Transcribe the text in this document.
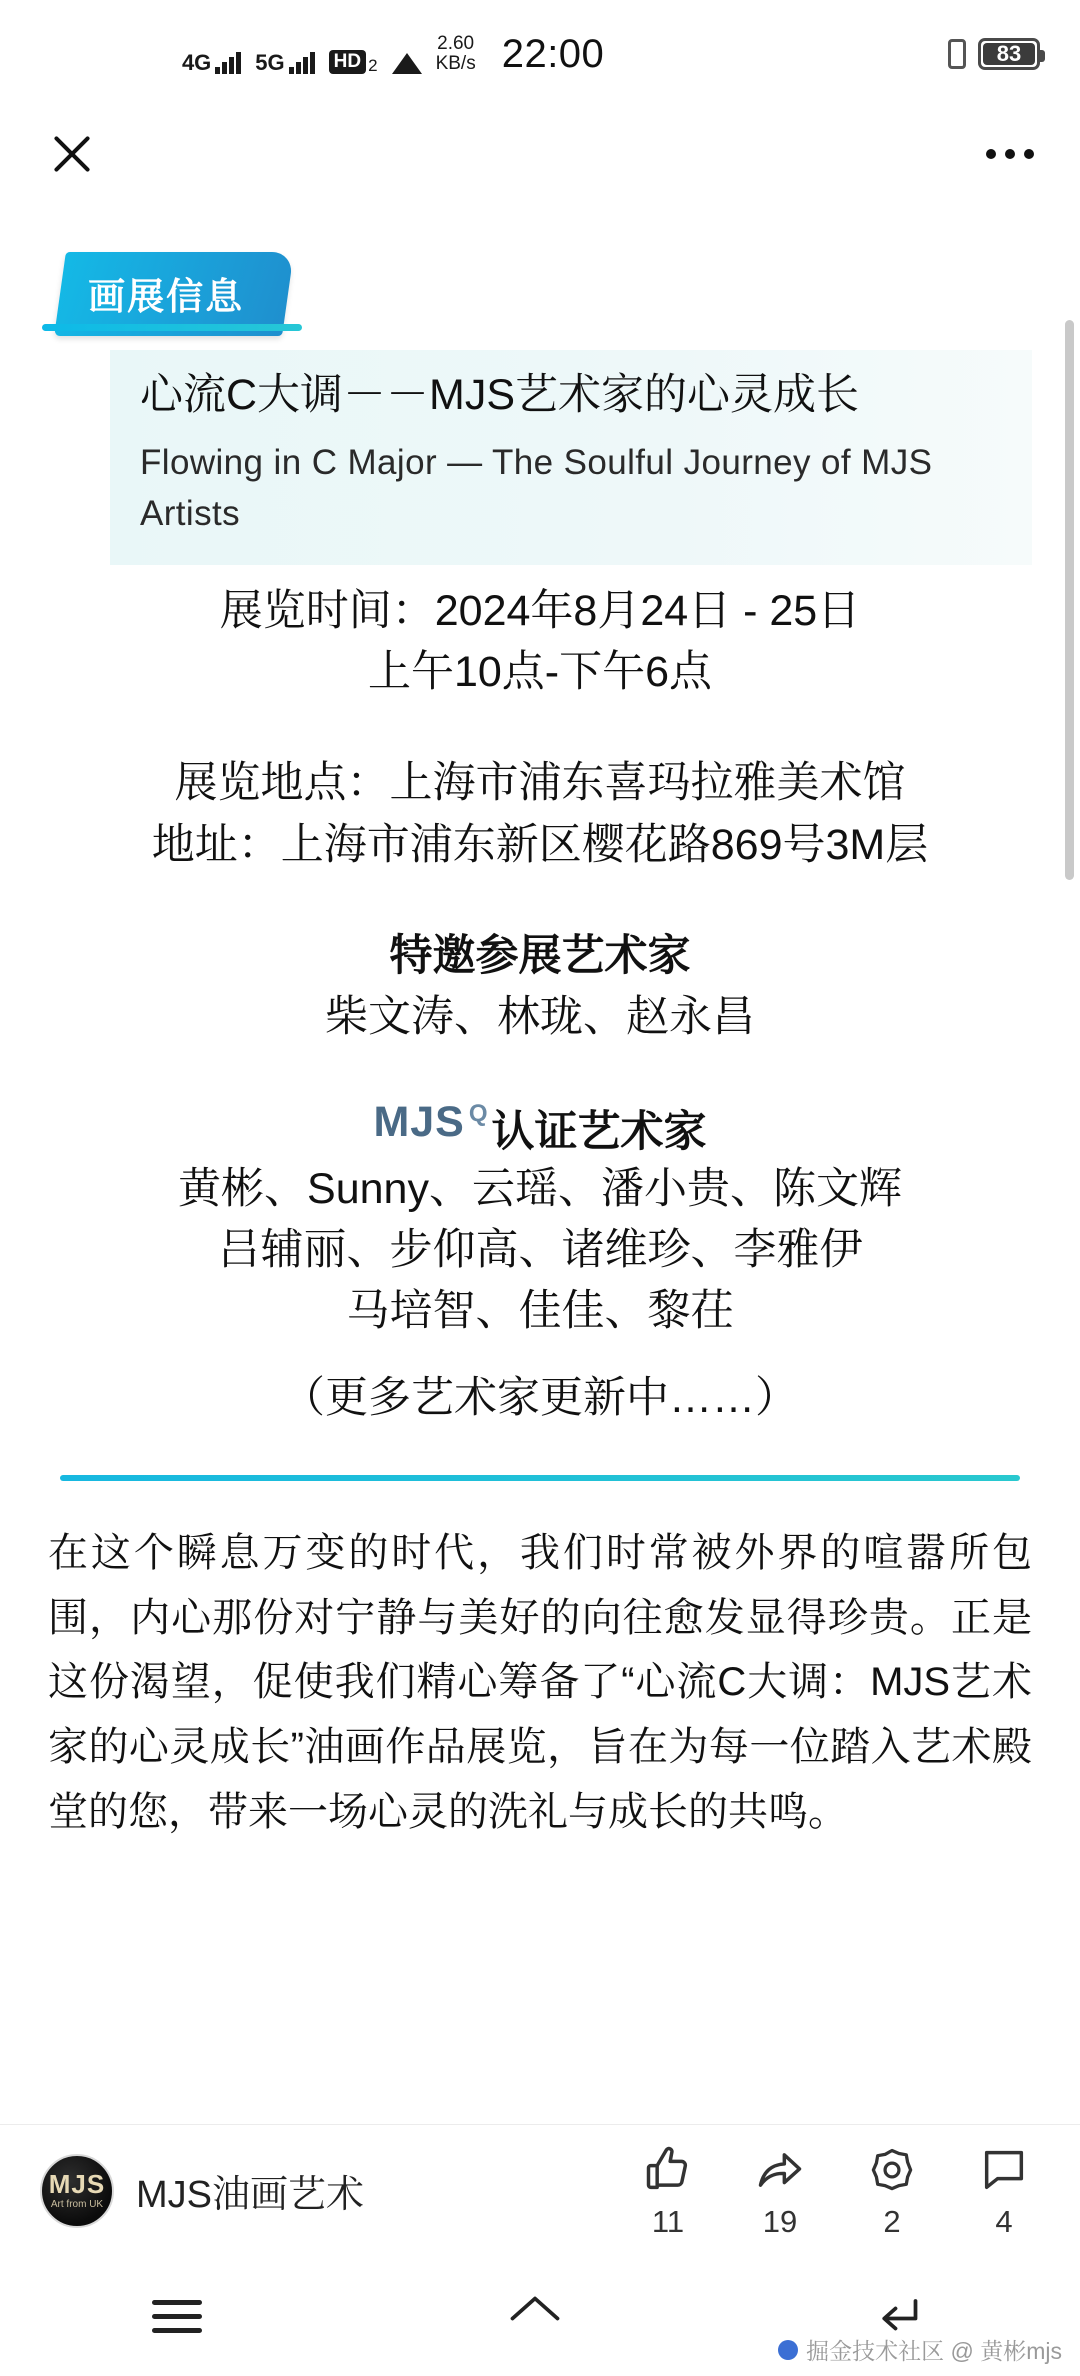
4G 5G	HD 2
2.60
KB/s 22:00	83
画展信息
心流C大调－－MJS艺术家的心灵成长
Flowing in C Major — The Soulful Journey of MJS Artists

展览时间：2024年8月24日 - 25日

上午10点-下午6点

展览地点：上海市浦东喜玛拉雅美术馆

地址：上海市浦东新区樱花路869号3M层

特邀参展艺术家

柴文涛、林珑、赵永昌

MJS Q 认证艺术家

黄彬、Sunny、云瑶、潘小贵、陈文辉

吕辅丽、步仰高、诸维珍、李雅伊

马培智、佳佳、黎茌

（更多艺术家更新中……）

在这个瞬息万变的时代，我们时常被外界的喧嚣所包围，内心那份对宁静与美好的向往愈发显得珍贵。正是这份渴望，促使我们精心筹备了“心流C大调：MJS艺术家的心灵成长”油画作品展览，旨在为每一位踏入艺术殿堂的您，带来一场心灵的洗礼与成长的共鸣。
MJS
Art from UK MJS油画艺术
11	19	2	4
掘金技术社区 @ 黄彬mjs
